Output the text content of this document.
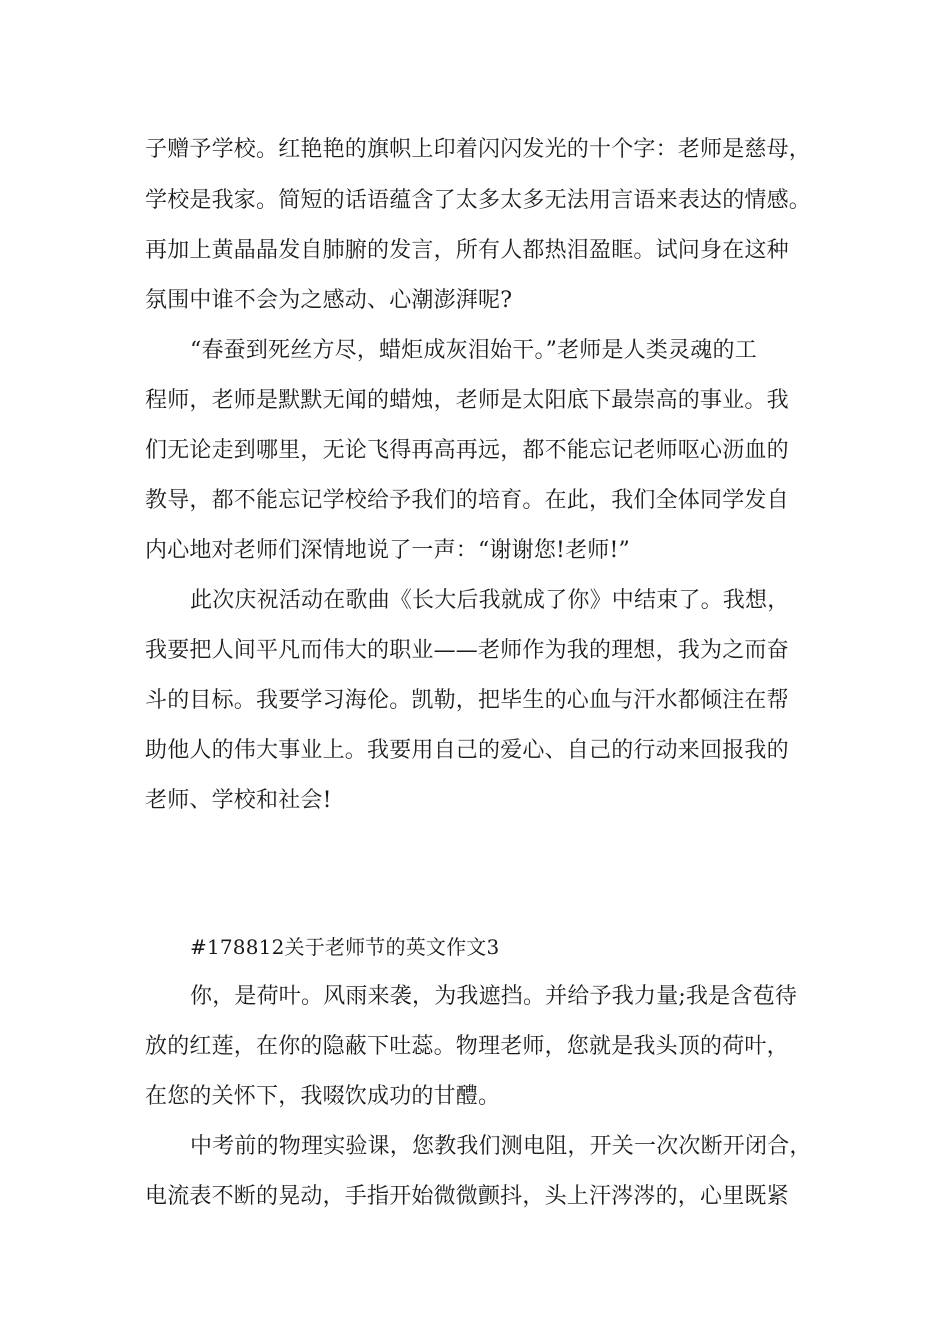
子赠予学校。红艳艳的旗帜上印着闪闪发光的十个字：老师是慈母，
学校是我家。简短的话语蕴含了太多太多无法用言语来表达的情感。
再加上黄晶晶发自肺腑的发言，所有人都热泪盈眶。试问身在这种
氛围中谁不会为之感动、心潮澎湃呢?
“春蚕到死丝方尽，蜡炬成灰泪始干。”老师是人类灵魂的工
程师，老师是默默无闻的蜡烛，老师是太阳底下最崇高的事业。我
们无论走到哪里，无论飞得再高再远，都不能忘记老师呕心沥血的
教导，都不能忘记学校给予我们的培育。在此，我们全体同学发自
内心地对老师们深情地说了一声：“谢谢您!老师!”
此次庆祝活动在歌曲《长大后我就成了你》中结束了。我想，
我要把人间平凡而伟大的职业——老师作为我的理想，我为之而奋
斗的目标。我要学习海伦。凯勒，把毕生的心血与汗水都倾注在帮
助他人的伟大事业上。我要用自己的爱心、自己的行动来回报我的
老师、学校和社会!
#178812关于老师节的英文作文3
你，是荷叶。风雨来袭，为我遮挡。并给予我力量;我是含苞待
放的红莲，在你的隐蔽下吐蕊。物理老师，您就是我头顶的荷叶，
在您的关怀下，我啜饮成功的甘醴。
中考前的物理实验课，您教我们测电阻，开关一次次断开闭合，
电流表不断的晃动，手指开始微微颤抖，头上汗涔涔的，心里既紧
